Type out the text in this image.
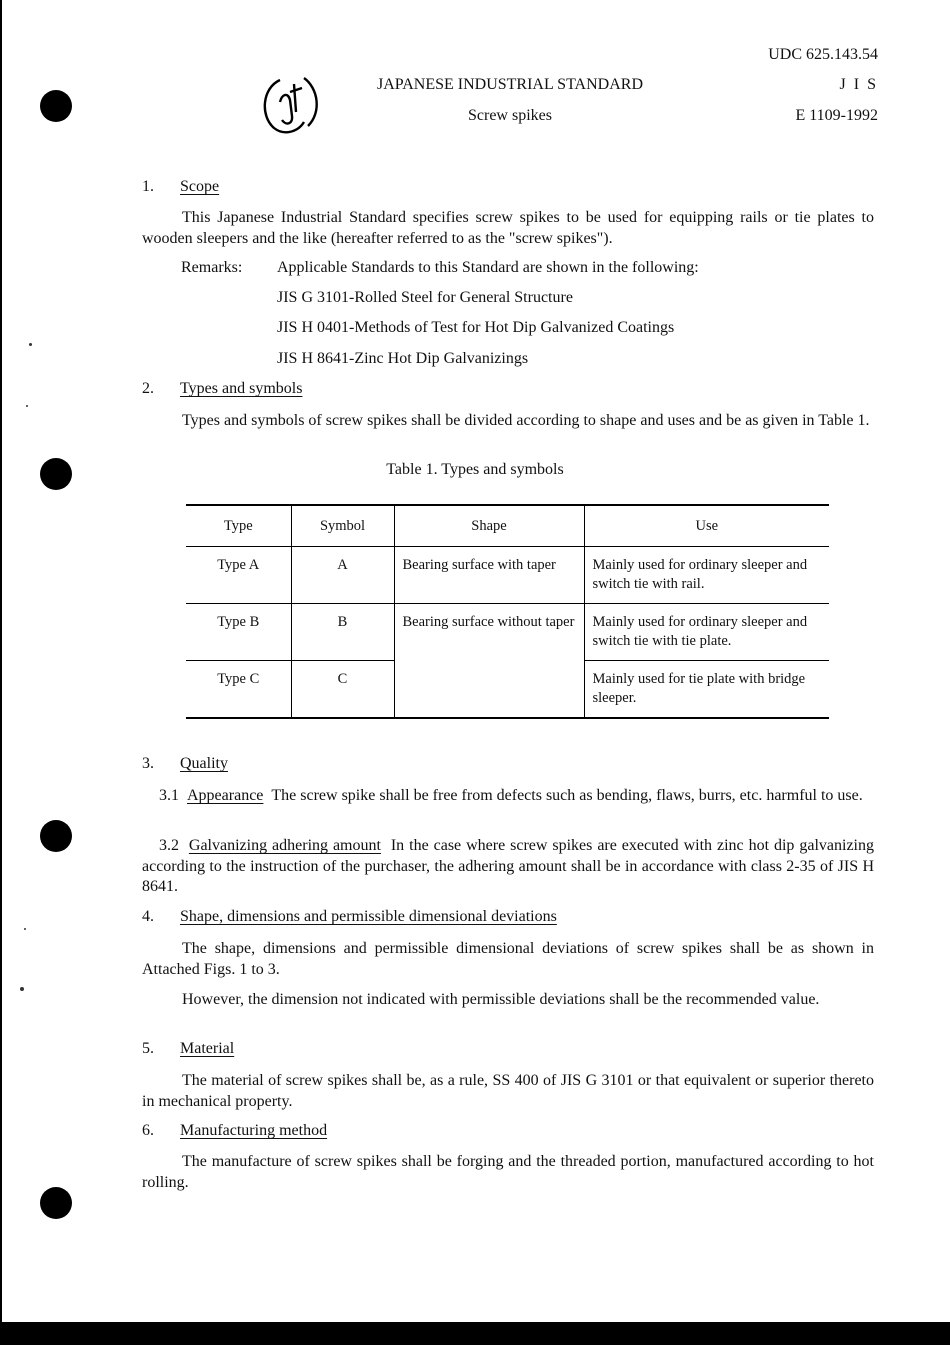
JAPANESE INDUSTRIAL STANDARD
Screw spikes
UDC 625.143.54
J I S
E 1109-1992
1. Scope
This Japanese Industrial Standard specifies screw spikes to be used for equipping rails or tie plates to wooden sleepers and the like (hereafter referred to as the "screw spikes").
Remarks: Applicable Standards to this Standard are shown in the following:
JIS G 3101-Rolled Steel for General Structure
JIS H 0401-Methods of Test for Hot Dip Galvanized Coatings
JIS H 8641-Zinc Hot Dip Galvanizings
2. Types and symbols
Types and symbols of screw spikes shall be divided according to shape and uses and be as given in Table 1.
Table 1. Types and symbols
Type	Symbol	Shape	Use
Type A	A	Bearing surface with taper	Mainly used for ordinary sleeper and switch tie with rail.
Type B	B	Bearing surface without taper	Mainly used for ordinary sleeper and switch tie with tie plate.
Type C	C		Mainly used for tie plate with bridge sleeper.
3. Quality
3.1 Appearance The screw spike shall be free from defects such as bending, flaws, burrs, etc. harmful to use.
3.2 Galvanizing adhering amount In the case where screw spikes are executed with zinc hot dip galvanizing according to the instruction of the purchaser, the adhering amount shall be in accordance with class 2-35 of JIS H 8641.
4. Shape, dimensions and permissible dimensional deviations
The shape, dimensions and permissible dimensional deviations of screw spikes shall be as shown in Attached Figs. 1 to 3.
However, the dimension not indicated with permissible deviations shall be the recommended value.
5. Material
The material of screw spikes shall be, as a rule, SS 400 of JIS G 3101 or that equivalent or superior thereto in mechanical property.
6. Manufacturing method
The manufacture of screw spikes shall be forging and the threaded portion, manufactured according to hot rolling.
